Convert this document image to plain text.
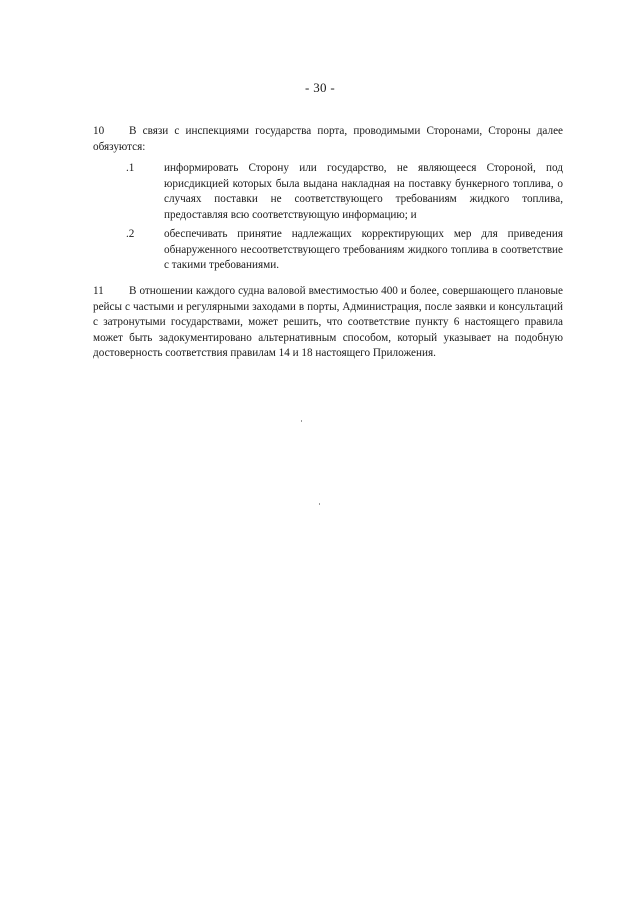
- 30 -
10 В связи с инспекциями государства порта, проводимыми Сторонами, Стороны далее обязуются:
.1	информировать Сторону или государство, не являющееся Стороной, под юрисдикцией которых была выдана накладная на поставку бункерного топлива, о случаях поставки не соответствующего требованиям жидкого топлива, предоставляя всю соответствующую информацию; и
.2	обеспечивать принятие надлежащих корректирующих мер для приведения обнаруженного несоответствующего требованиям жидкого топлива в соответствие с такими требованиями.
11 В отношении каждого судна валовой вместимостью 400 и более, совершающего плановые рейсы с частыми и регулярными заходами в порты, Администрация, после заявки и консультаций с затронутыми государствами, может решить, что соответствие пункту 6 настоящего правила может быть задокументировано альтернативным способом, который указывает на подобную достоверность соответствия правилам 14 и 18 настоящего Приложения.
